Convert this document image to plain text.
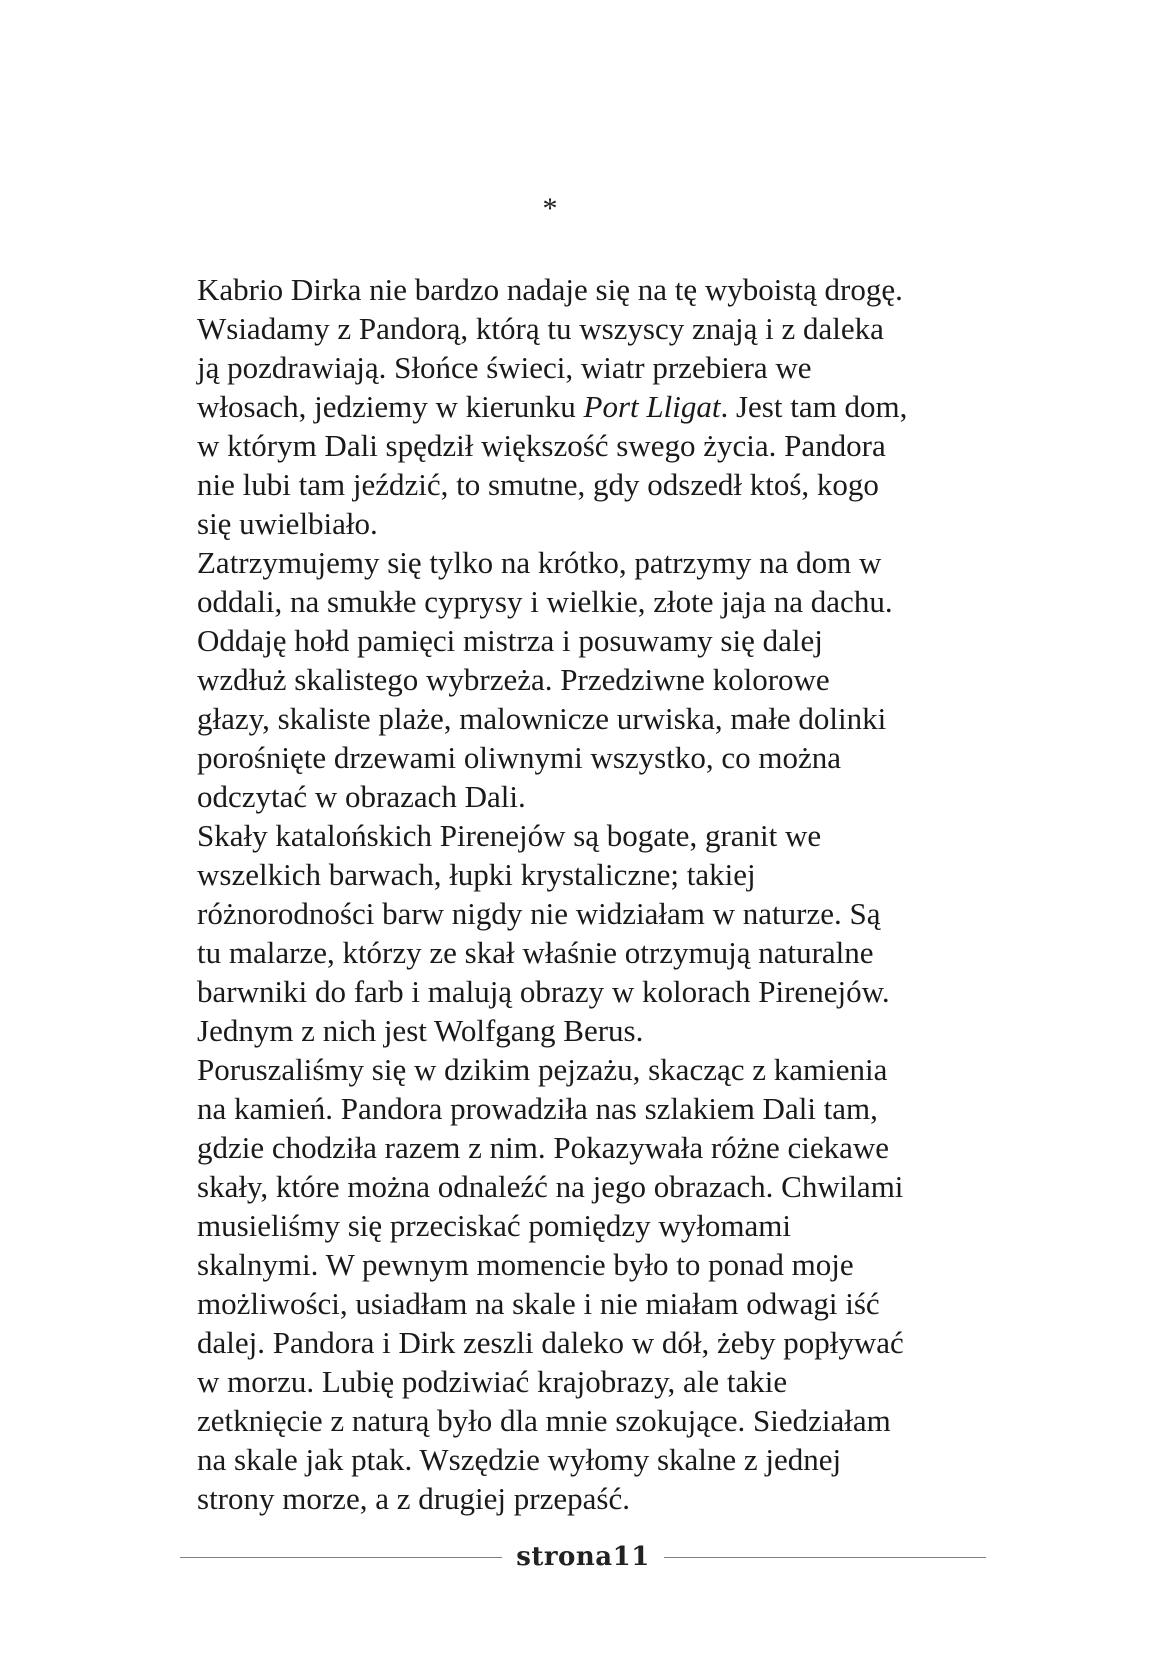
*
Kabrio Dirka nie bardzo nadaje się na tę wyboistą drogę.
Wsiadamy z Pandorą, którą tu wszyscy znają i z daleka
ją pozdrawiają. Słońce świeci, wiatr przebiera we
włosach, jedziemy w kierunku Port Lligat. Jest tam dom,
w którym Dali spędził większość swego życia. Pandora
nie lubi tam jeździć, to smutne, gdy odszedł ktoś, kogo
się uwielbiało.
Zatrzymujemy się tylko na krótko, patrzymy na dom w
oddali, na smukłe cyprysy i wielkie, złote jaja na dachu.
Oddaję hołd pamięci mistrza i posuwamy się dalej
wzdłuż skalistego wybrzeża. Przedziwne kolorowe
głazy, skaliste plaże, malownicze urwiska, małe dolinki
porośnięte drzewami oliwnymi wszystko, co można
odczytać w obrazach Dali.
Skały katalońskich Pirenejów są bogate, granit we
wszelkich barwach, łupki krystaliczne; takiej
różnorodności barw nigdy nie widziałam w naturze. Są
tu malarze, którzy ze skał właśnie otrzymują naturalne
barwniki do farb i malują obrazy w kolorach Pirenejów.
Jednym z nich jest Wolfgang Berus.
Poruszaliśmy się w dzikim pejzażu, skacząc z kamienia
na kamień. Pandora prowadziła nas szlakiem Dali tam,
gdzie chodziła razem z nim. Pokazywała różne ciekawe
skały, które można odnaleźć na jego obrazach. Chwilami
musieliśmy się przeciskać pomiędzy wyłomami
skalnymi. W pewnym momencie było to ponad moje
możliwości, usiadłam na skale i nie miałam odwagi iść
dalej. Pandora i Dirk zeszli daleko w dół, żeby popływać
w morzu. Lubię podziwiać krajobrazy, ale takie
zetknięcie z naturą było dla mnie szokujące. Siedziałam
na skale jak ptak. Wszędzie wyłomy skalne z jednej
strony morze, a z drugiej przepaść.
strona11
